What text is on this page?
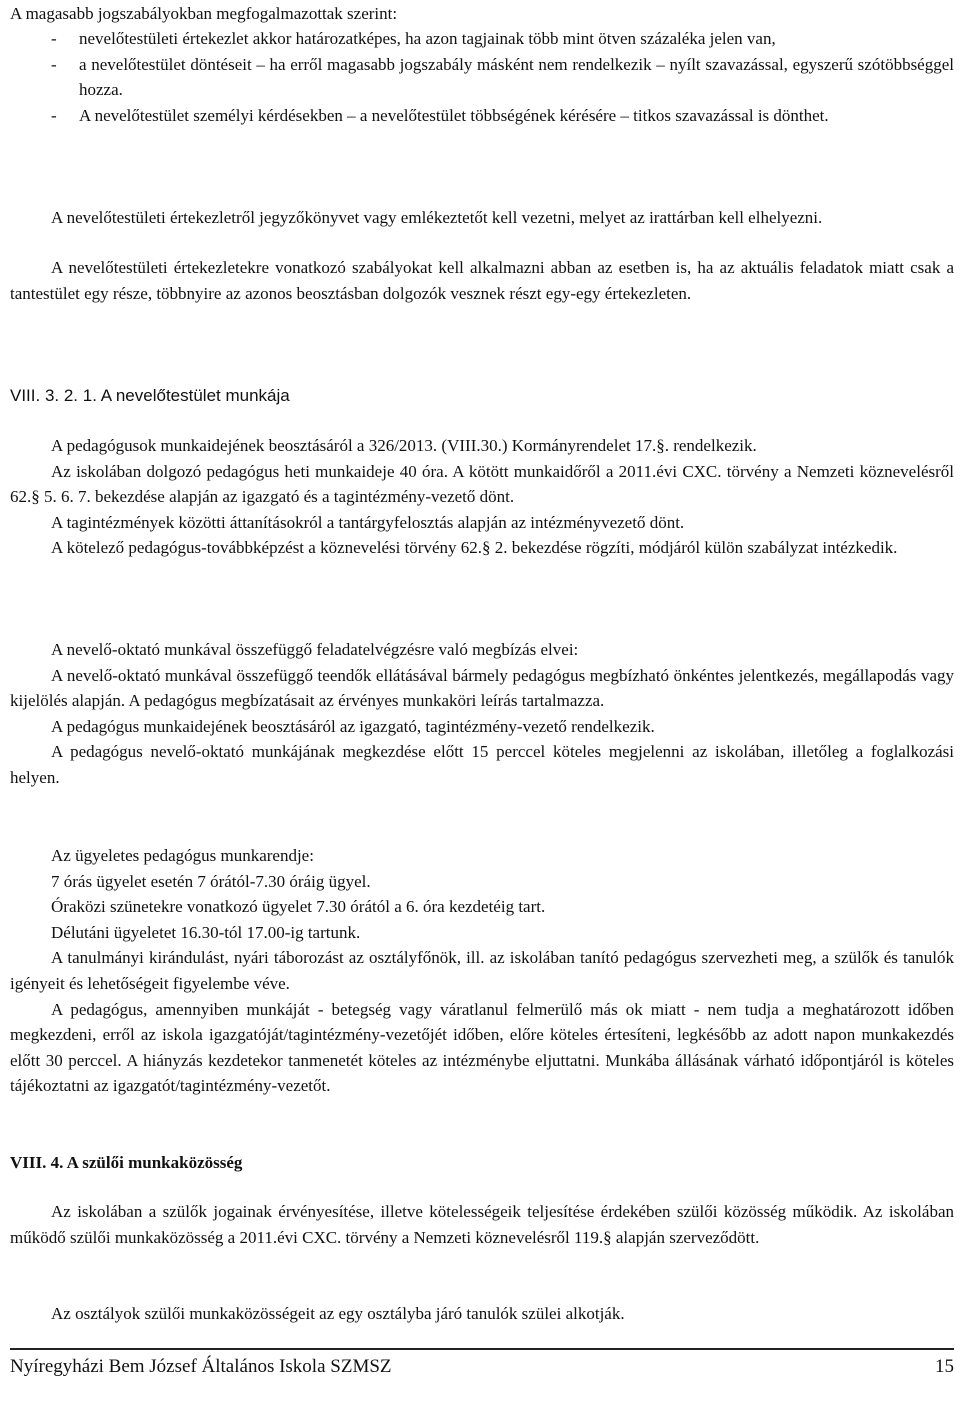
A magasabb jogszabályokban megfogalmazottak szerint:

-	nevelőtestületi értekezlet akkor határozatképes, ha azon tagjainak több mint ötven százaléka jelen van,
-	a nevelőtestület döntéseit – ha erről magasabb jogszabály másként nem rendelkezik – nyílt szavazással, egyszerű szótöbbséggel hozza.
-	A nevelőtestület személyi kérdésekben – a nevelőtestület többségének kérésére – titkos szavazással is dönthet.

A nevelőtestületi értekezletről jegyzőkönyvet vagy emlékeztetőt kell vezetni, melyet az irattárban kell elhelyezni.

A nevelőtestületi értekezletekre vonatkozó szabályokat kell alkalmazni abban az esetben is, ha az aktuális feladatok miatt csak a tantestület egy része, többnyire az azonos beosztásban dolgozók vesznek részt egy-egy értekezleten.

VIII. 3. 2. 1. A nevelőtestület munkája

A pedagógusok munkaidejének beosztásáról a 326/2013. (VIII.30.) Kormányrendelet 17.§. rendelkezik.

Az iskolában dolgozó pedagógus heti munkaideje 40 óra. A kötött munkaidőről a 2011.évi CXC. törvény a Nemzeti köznevelésről 62.§ 5. 6. 7. bekezdése alapján az igazgató és a tagintézmény-vezető dönt.

A tagintézmények közötti áttanításokról a tantárgyfelosztás alapján az intézményvezető dönt.

A kötelező pedagógus-továbbképzést a köznevelési törvény 62.§ 2. bekezdése rögzíti, módjáról külön szabályzat intézkedik.

A nevelő-oktató munkával összefüggő feladatelvégzésre való megbízás elvei:

A nevelő-oktató munkával összefüggő teendők ellátásával bármely pedagógus megbízható önkéntes jelentkezés, megállapodás vagy kijelölés alapján. A pedagógus megbízatásait az érvényes munkaköri leírás tartalmazza.

A pedagógus munkaidejének beosztásáról az igazgató, tagintézmény-vezető rendelkezik.

A pedagógus nevelő-oktató munkájának megkezdése előtt 15 perccel köteles megjelenni az iskolában, illetőleg a foglalkozási helyen.

Az ügyeletes pedagógus munkarendje:

7 órás ügyelet esetén 7 órától-7.30 óráig ügyel.

Óraközi szünetekre vonatkozó ügyelet 7.30 órától a 6. óra kezdetéig tart.

Délutáni ügyeletet 16.30-tól 17.00-ig tartunk.

A tanulmányi kirándulást, nyári táborozást az osztályfőnök, ill. az iskolában tanító pedagógus szervezheti meg, a szülők és tanulók igényeit és lehetőségeit figyelembe véve.

A pedagógus, amennyiben munkáját - betegség vagy váratlanul felmerülő más ok miatt - nem tudja a meghatározott időben megkezdeni, erről az iskola igazgatóját/tagintézmény-vezetőjét időben, előre köteles értesíteni, legkésőbb az adott napon munkakezdés előtt 30 perccel. A hiányzás kezdetekor tanmenetét köteles az intézménybe eljuttatni. Munkába állásának várható időpontjáról is köteles tájékoztatni az igazgatót/tagintézmény-vezetőt.

VIII. 4. A szülői munkaközösség

Az iskolában a szülők jogainak érvényesítése, illetve kötelességeik teljesítése érdekében szülői közösség működik. Az iskolában működő szülői munkaközösség a 2011.évi CXC. törvény a Nemzeti köznevelésről 119.§ alapján szerveződött.

Az osztályok szülői munkaközösségeit az egy osztályba járó tanulók szülei alkotják.

Nyíregyházi Bem József Általános Iskola SZMSZ	15
